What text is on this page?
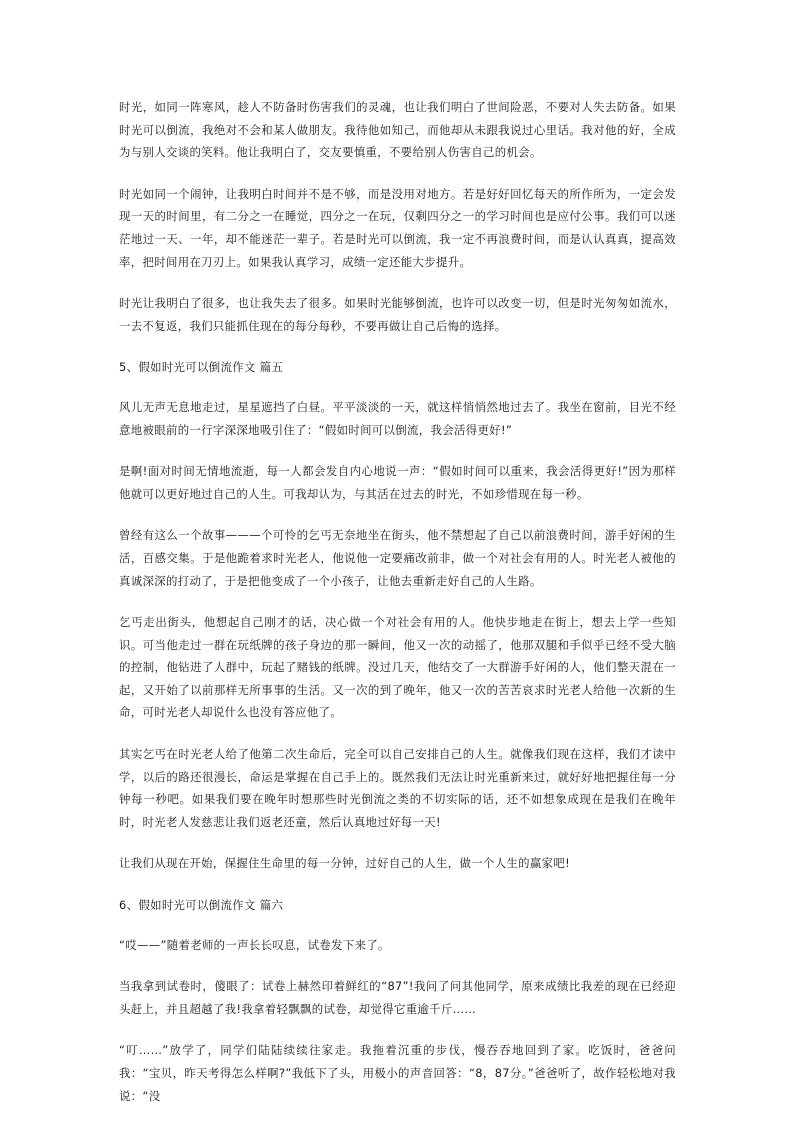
时光，如同一阵寒风，趁人不防备时伤害我们的灵魂，也让我们明白了世间险恶，不要对人失去防备。如果时光可以倒流，我绝对不会和某人做朋友。我待他如知己，而他却从未跟我说过心里话。我对他的好，全成为与别人交谈的笑料。他让我明白了，交友要慎重，不要给别人伤害自己的机会。

时光如同一个闹钟，让我明白时间并不是不够，而是没用对地方。若是好好回忆每天的所作所为，一定会发现一天的时间里，有二分之一在睡觉，四分之一在玩，仅剩四分之一的学习时间也是应付公事。我们可以迷茫地过一天、一年，却不能迷茫一辈子。若是时光可以倒流，我一定不再浪费时间，而是认认真真，提高效率，把时间用在刀刃上。如果我认真学习，成绩一定还能大步提升。

时光让我明白了很多，也让我失去了很多。如果时光能够倒流，也许可以改变一切，但是时光匆匆如流水，一去不复返，我们只能抓住现在的每分每秒，不要再做让自己后悔的选择。

5、假如时光可以倒流作文 篇五

风儿无声无息地走过，星星遮挡了白昼。平平淡淡的一天，就这样悄悄然地过去了。我坐在窗前，目光不经意地被眼前的一行字深深地吸引住了：“假如时间可以倒流，我会活得更好!”

是啊!面对时间无情地流逝，每一人都会发自内心地说一声：“假如时间可以重来，我会活得更好!”因为那样他就可以更好地过自己的人生。可我却认为，与其活在过去的时光，不如珍惜现在每一秒。

曾经有这么一个故事———个可怜的乞丐无奈地坐在街头，他不禁想起了自己以前浪费时间，游手好闲的生活，百感交集。于是他跪着求时光老人，他说他一定要痛改前非，做一个对社会有用的人。时光老人被他的真诚深深的打动了，于是把他变成了一个小孩子，让他去重新走好自己的人生路。

乞丐走出街头，他想起自己刚才的话，决心做一个对社会有用的人。他快步地走在街上，想去上学一些知识。可当他走过一群在玩纸牌的孩子身边的那一瞬间，他又一次的动摇了，他那双腿和手似乎已经不受大脑的控制，他钻进了人群中，玩起了赌钱的纸牌。没过几天，他结交了一大群游手好闲的人，他们整天混在一起，又开始了以前那样无所事事的生活。又一次的到了晚年，他又一次的苦苦哀求时光老人给他一次新的生命，可时光老人却说什么也没有答应他了。

其实乞丐在时光老人给了他第二次生命后，完全可以自己安排自己的人生。就像我们现在这样，我们才读中学，以后的路还很漫长，命运是掌握在自己手上的。既然我们无法让时光重新来过，就好好地把握住每一分钟每一秒吧。如果我们要在晚年时想那些时光倒流之类的不切实际的话，还不如想象成现在是我们在晚年时，时光老人发慈悲让我们返老还童，然后认真地过好每一天!

让我们从现在开始，保握住生命里的每一分钟，过好自己的人生，做一个人生的赢家吧!

6、假如时光可以倒流作文 篇六

“哎——”随着老师的一声长长叹息，试卷发下来了。

当我拿到试卷时，傻眼了：试卷上赫然印着鲜红的“87”!我问了问其他同学，原来成绩比我差的现在已经迎头赶上，并且超越了我!我拿着轻飘飘的试卷，却觉得它重逾千斤……

“叮……”放学了，同学们陆陆续续往家走。我拖着沉重的步伐，慢吞吞地回到了家。吃饭时，爸爸问我：“宝贝，昨天考得怎么样啊?”我低下了头，用极小的声音回答：“8，87分。”爸爸听了，故作轻松地对我说：“没
